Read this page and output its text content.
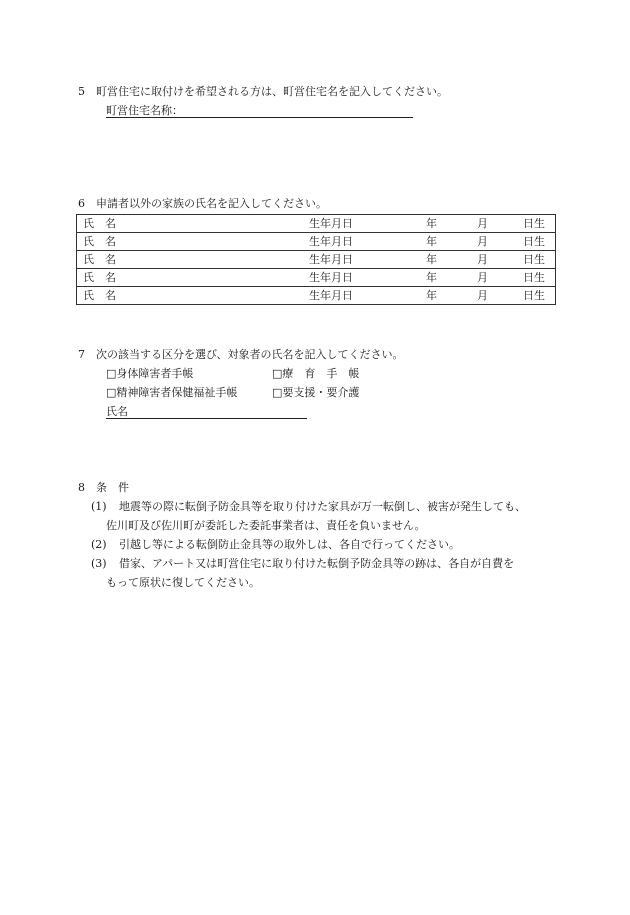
5　町営住宅に取付けを希望される方は、町営住宅名を記入してください。
町営住宅名称：
6　申請者以外の家族の氏名を記入してください。
氏　名	生年月日	年	月	日生

氏　名	生年月日	年	月	日生

氏　名	生年月日	年	月	日生

氏　名	生年月日	年	月	日生

氏　名	生年月日	年	月	日生
7　次の該当する区分を選び、対象者の氏名を記入してください。
□身体障害者手帳	□療　育　手　帳
□精神障害者保健福祉手帳	□要支援・要介護
氏名
8　条　件
(1) 地震等の際に転倒予防金具等を取り付けた家具が万一転倒し、被害が発生しても、
佐川町及び佐川町が委託した委託事業者は、責任を負いません。
(2) 引越し等による転倒防止金具等の取外しは、各自で行ってください。
(3) 借家、アパート又は町営住宅に取り付けた転倒予防金具等の跡は、各自が自費を
もって原状に復してください。
